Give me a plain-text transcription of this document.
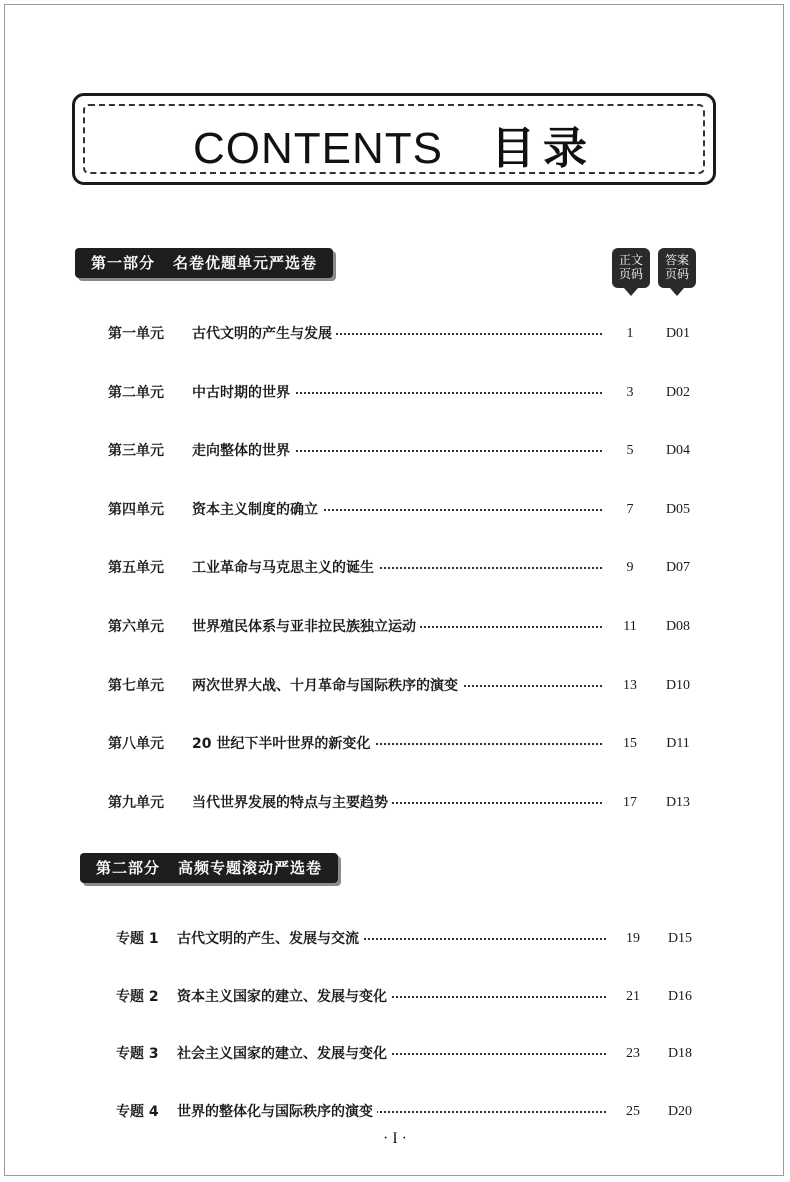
CONTENTS 目录
第一部分 名卷优题单元严选卷	正文
页码
答案
页码
第一单元 古代文明的产生与发展	1	D01
第二单元 中古时期的世界	3	D02
第三单元 走向整体的世界	5	D04
第四单元 资本主义制度的确立	7	D05
第五单元 工业革命与马克思主义的诞生	9	D07
第六单元 世界殖民体系与亚非拉民族独立运动	11	D08
第七单元 两次世界大战、十月革命与国际秩序的演变	13	D10
第八单元 20 世纪下半叶世界的新变化	15	D11
第九单元 当代世界发展的特点与主要趋势	17	D13
第二部分 高频专题滚动严选卷
专题 1 古代文明的产生、发展与交流	19	D15
专题 2 资本主义国家的建立、发展与变化	21	D16
专题 3 社会主义国家的建立、发展与变化	23	D18
专题 4 世界的整体化与国际秩序的演变	25	D20
· I ·
